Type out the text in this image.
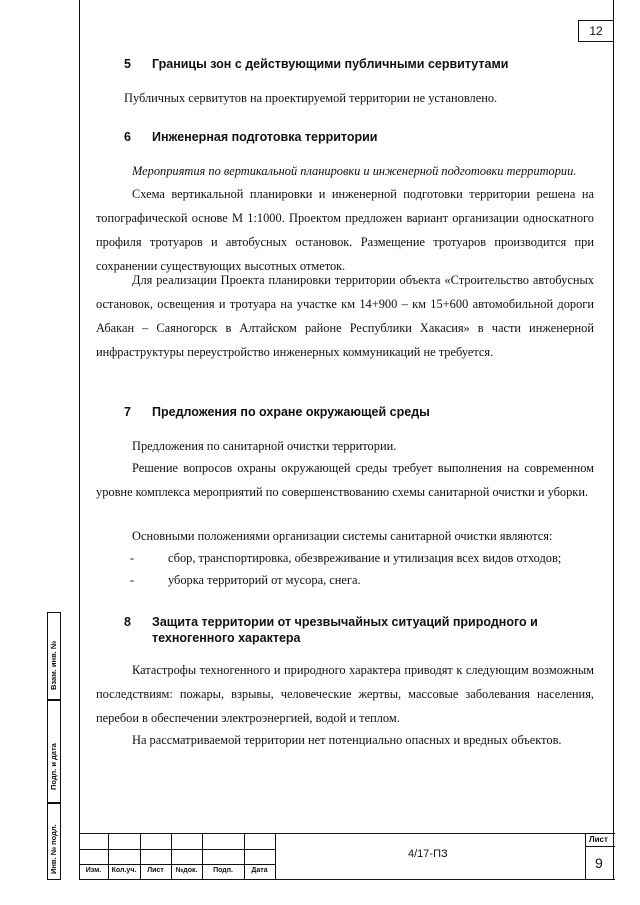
12
5 Границы зон с действующими публичными сервитутами

Публичных сервитутов на проектируемой территории не установлено.

6 Инженерная подготовка территории

Мероприятия по вертикальной планировки и инженерной подготовки территории.

Схема вертикальной планировки и инженерной подготовки территории решена на топографической основе М 1:1000. Проектом предложен вариант организации односкатного профиля тротуаров и автобусных остановок. Размещение тротуаров производится при сохранении существующих высотных отметок.

Для реализации Проекта планировки территории объекта «Строительство автобусных остановок, освещения и тротуара на участке км 14+900 – км 15+600 автомобильной дороги Абакан – Саяногорск в Алтайском районе Республики Хакасия» в части инженерной инфраструктуры переустройство инженерных коммуникаций не требуется.

7 Предложения по охране окружающей среды

Предложения по санитарной очистки территории.

Решение вопросов охраны окружающей среды требует выполнения на современном уровне комплекса мероприятий по совершенствованию схемы санитарной очистки и уборки.

Основными положениями организации системы санитарной очистки являются:

-	сбор, транспортировка, обезвреживание и утилизация всех видов отходов;
-	уборка территорий от мусора, снега.
8 Защита территории от чрезвычайных ситуаций природного и
техногенного характера

Катастрофы техногенного и природного характера приводят к следующим возможным последствиям: пожары, взрывы, человеческие жертвы, массовые заболевания населения, перебои в обеспечении электроэнергией, водой и теплом.

На рассматриваемой территории нет потенциально опасных и вредных объектов.

Взам. инв. №
Подп. и дата
Инв. № подл.	Изм.	Кол.уч.	Лист	№док.	Подп.	Дата
4/17-ПЗ
Лист
9
